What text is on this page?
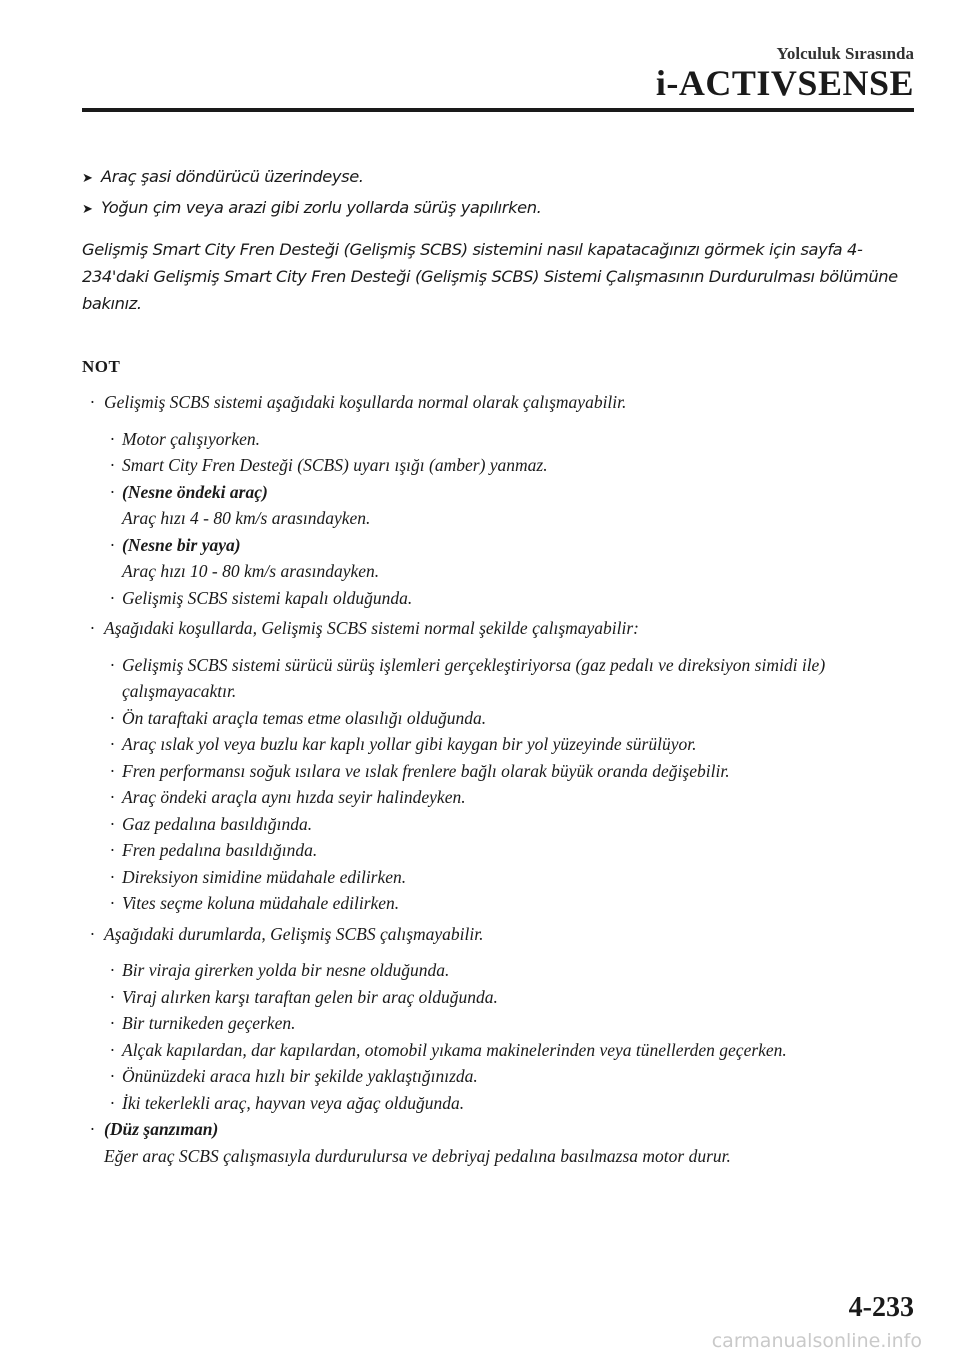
Yolculuk Sırasında
i-ACTIVSENSE
➤ Araç şasi döndürücü üzerindeyse.
➤ Yoğun çim veya arazi gibi zorlu yollarda sürüş yapılırken.
Gelişmiş Smart City Fren Desteği (Gelişmiş SCBS) sistemini nasıl kapatacağınızı görmek için sayfa 4-234'daki Gelişmiş Smart City Fren Desteği (Gelişmiş SCBS) Sistemi Çalışmasının Durdurulması bölümüne bakınız.
NOT
· Gelişmiş SCBS sistemi aşağıdaki koşullarda normal olarak çalışmayabilir.
· Motor çalışıyorken.
· Smart City Fren Desteği (SCBS) uyarı ışığı (amber) yanmaz.
· (Nesne öndeki araç)
Araç hızı 4 - 80 km/s arasındayken.
· (Nesne bir yaya)
Araç hızı 10 - 80 km/s arasındayken.
· Gelişmiş SCBS sistemi kapalı olduğunda.
· Aşağıdaki koşullarda, Gelişmiş SCBS sistemi normal şekilde çalışmayabilir:
· Gelişmiş SCBS sistemi sürücü sürüş işlemleri gerçekleştiriyorsa (gaz pedalı ve direksiyon simidi ile) çalışmayacaktır.
· Ön taraftaki araçla temas etme olasılığı olduğunda.
· Araç ıslak yol veya buzlu kar kaplı yollar gibi kaygan bir yol yüzeyinde sürülüyor.
· Fren performansı soğuk ısılara ve ıslak frenlere bağlı olarak büyük oranda değişebilir.
· Araç öndeki araçla aynı hızda seyir halindeyken.
· Gaz pedalına basıldığında.
· Fren pedalına basıldığında.
· Direksiyon simidine müdahale edilirken.
· Vites seçme koluna müdahale edilirken.
· Aşağıdaki durumlarda, Gelişmiş SCBS çalışmayabilir.
· Bir viraja girerken yolda bir nesne olduğunda.
· Viraj alırken karşı taraftan gelen bir araç olduğunda.
· Bir turnikeden geçerken.
· Alçak kapılardan, dar kapılardan, otomobil yıkama makinelerinden veya tünellerden geçerken.
· Önünüzdeki araca hızlı bir şekilde yaklaştığınızda.
· İki tekerlekli araç, hayvan veya ağaç olduğunda.
· (Düz şanzıman)
Eğer araç SCBS çalışmasıyla durdurulursa ve debriyaj pedalına basılmazsa motor durur.
4-233
carmanualsonline.info
